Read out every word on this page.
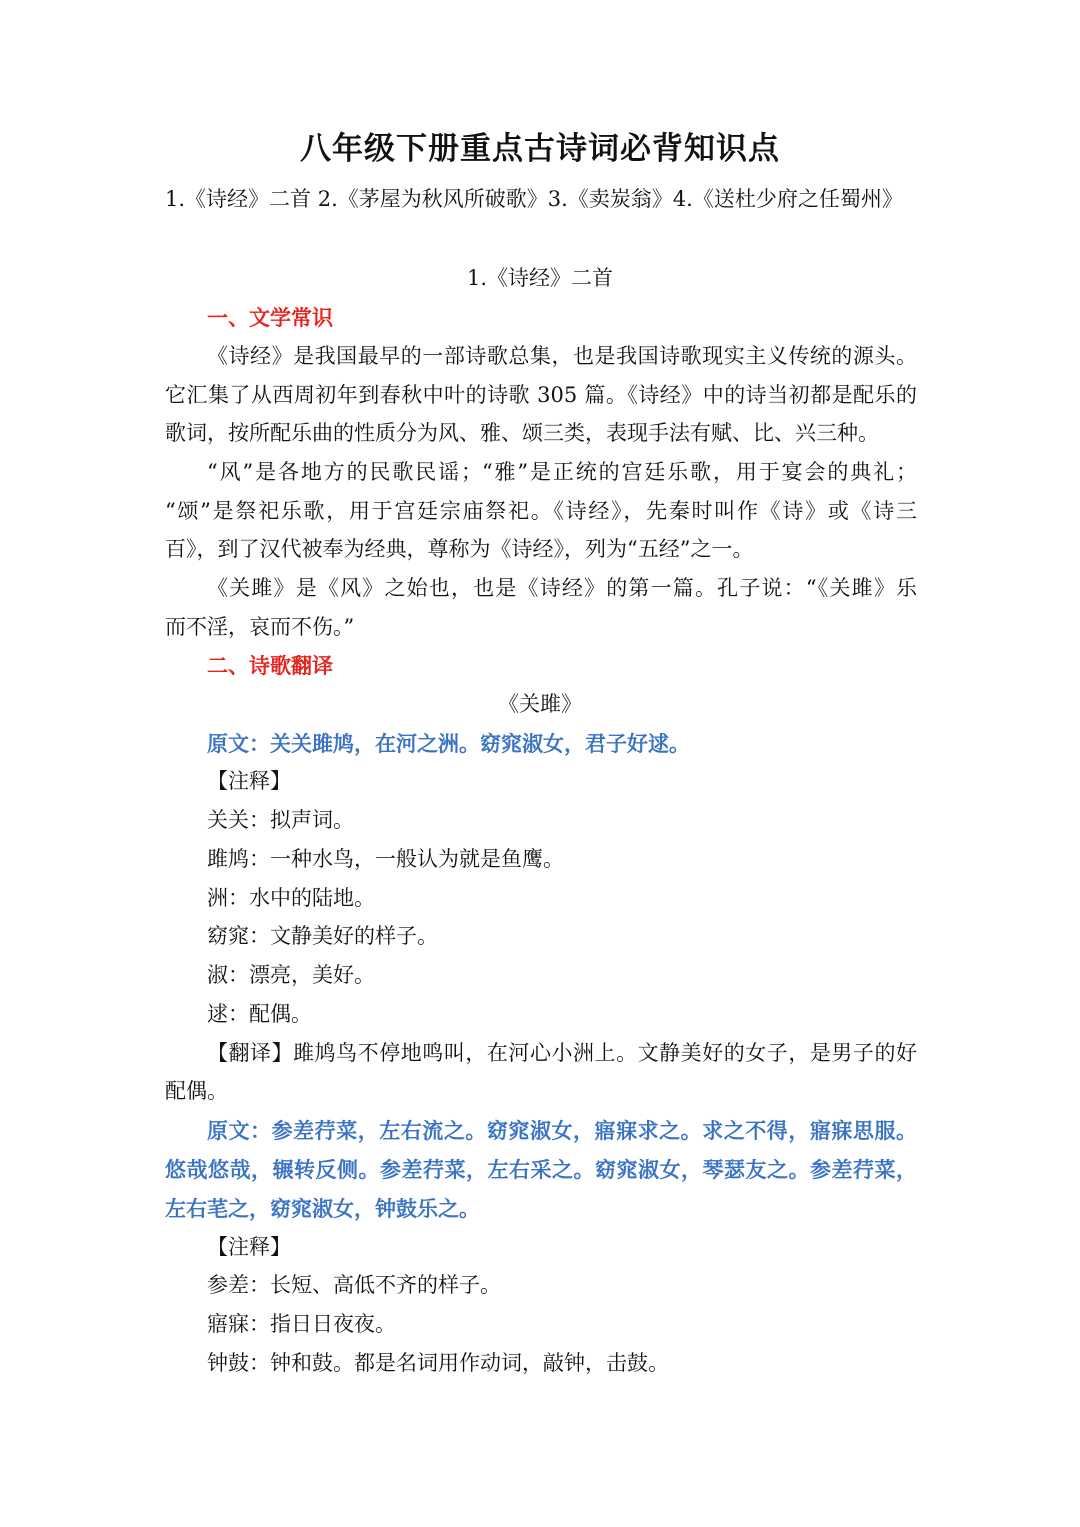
八年级下册重点古诗词必背知识点
1.《诗经》二首 2.《茅屋为秋风所破歌》3.《卖炭翁》4.《送杜少府之任蜀州》
1.《诗经》二首
一、文学常识
《诗经》是我国最早的一部诗歌总集，也是我国诗歌现实主义传统的源头。
它汇集了从西周初年到春秋中叶的诗歌 305 篇。《诗经》中的诗当初都是配乐的
歌词，按所配乐曲的性质分为风、雅、颂三类，表现手法有赋、比、兴三种。
“风”是各地方的民歌民谣；“雅”是正统的宫廷乐歌，用于宴会的典礼；
“颂”是祭祀乐歌，用于宫廷宗庙祭祀。《诗经》，先秦时叫作《诗》或《诗三
百》，到了汉代被奉为经典，尊称为《诗经》，列为“五经”之一。
《关雎》是《风》之始也，也是《诗经》的第一篇。孔子说：“《关雎》乐
而不淫，哀而不伤。”
二、诗歌翻译
《关雎》
原文：关关雎鸠，在河之洲。窈窕淑女，君子好逑。
【注释】
关关：拟声词。
雎鸠：一种水鸟，一般认为就是鱼鹰。
洲：水中的陆地。
窈窕：文静美好的样子。
淑：漂亮，美好。
逑：配偶。
【翻译】雎鸠鸟不停地鸣叫，在河心小洲上。文静美好的女子，是男子的好
配偶。
原文：参差荇菜，左右流之。窈窕淑女，寤寐求之。求之不得，寤寐思服。
悠哉悠哉，辗转反侧。参差荇菜，左右采之。窈窕淑女，琴瑟友之。参差荇菜，
左右芼之，窈窕淑女，钟鼓乐之。
【注释】
参差：长短、高低不齐的样子。
寤寐：指日日夜夜。
钟鼓：钟和鼓。都是名词用作动词，敲钟，击鼓。
